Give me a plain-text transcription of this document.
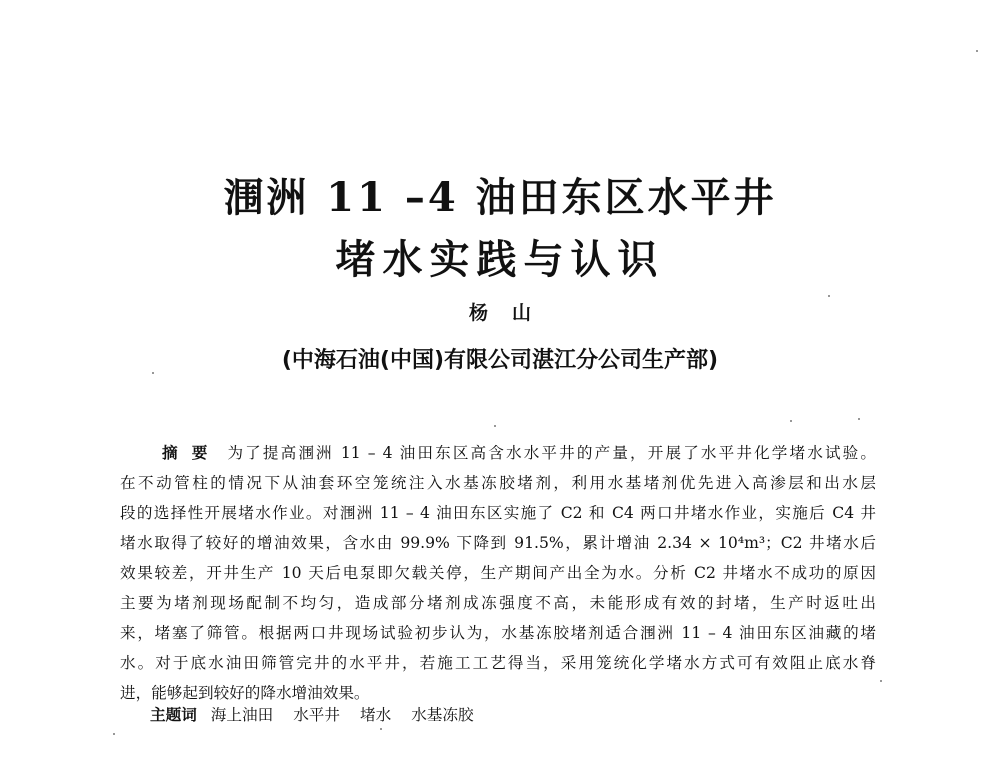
涠洲 11 –4 油田东区水平井
堵水实践与认识
杨 山
(中海石油(中国)有限公司湛江分公司生产部)
摘要 为了提高涠洲 11 – 4 油田东区高含水水平井的产量，开展了水平井化学堵水试验。
在不动管柱的情况下从油套环空笼统注入水基冻胶堵剂，利用水基堵剂优先进入高渗层和出水层
段的选择性开展堵水作业。对涠洲 11 – 4 油田东区实施了 C2 和 C4 两口井堵水作业，实施后 C4 井
堵水取得了较好的增油效果，含水由 99.9% 下降到 91.5%，累计增油 2.34 × 10⁴m³；C2 井堵水后
效果较差，开井生产 10 天后电泵即欠载关停，生产期间产出全为水。分析 C2 井堵水不成功的原因
主要为堵剂现场配制不均匀，造成部分堵剂成冻强度不高，未能形成有效的封堵，生产时返吐出
来，堵塞了筛管。根据两口井现场试验初步认为，水基冻胶堵剂适合涠洲 11 – 4 油田东区油藏的堵
水。对于底水油田筛管完井的水平井，若施工工艺得当，采用笼统化学堵水方式可有效阻止底水脊
进，能够起到较好的降水增油效果。
主题词 海上油田 水平井 堵水 水基冻胶
